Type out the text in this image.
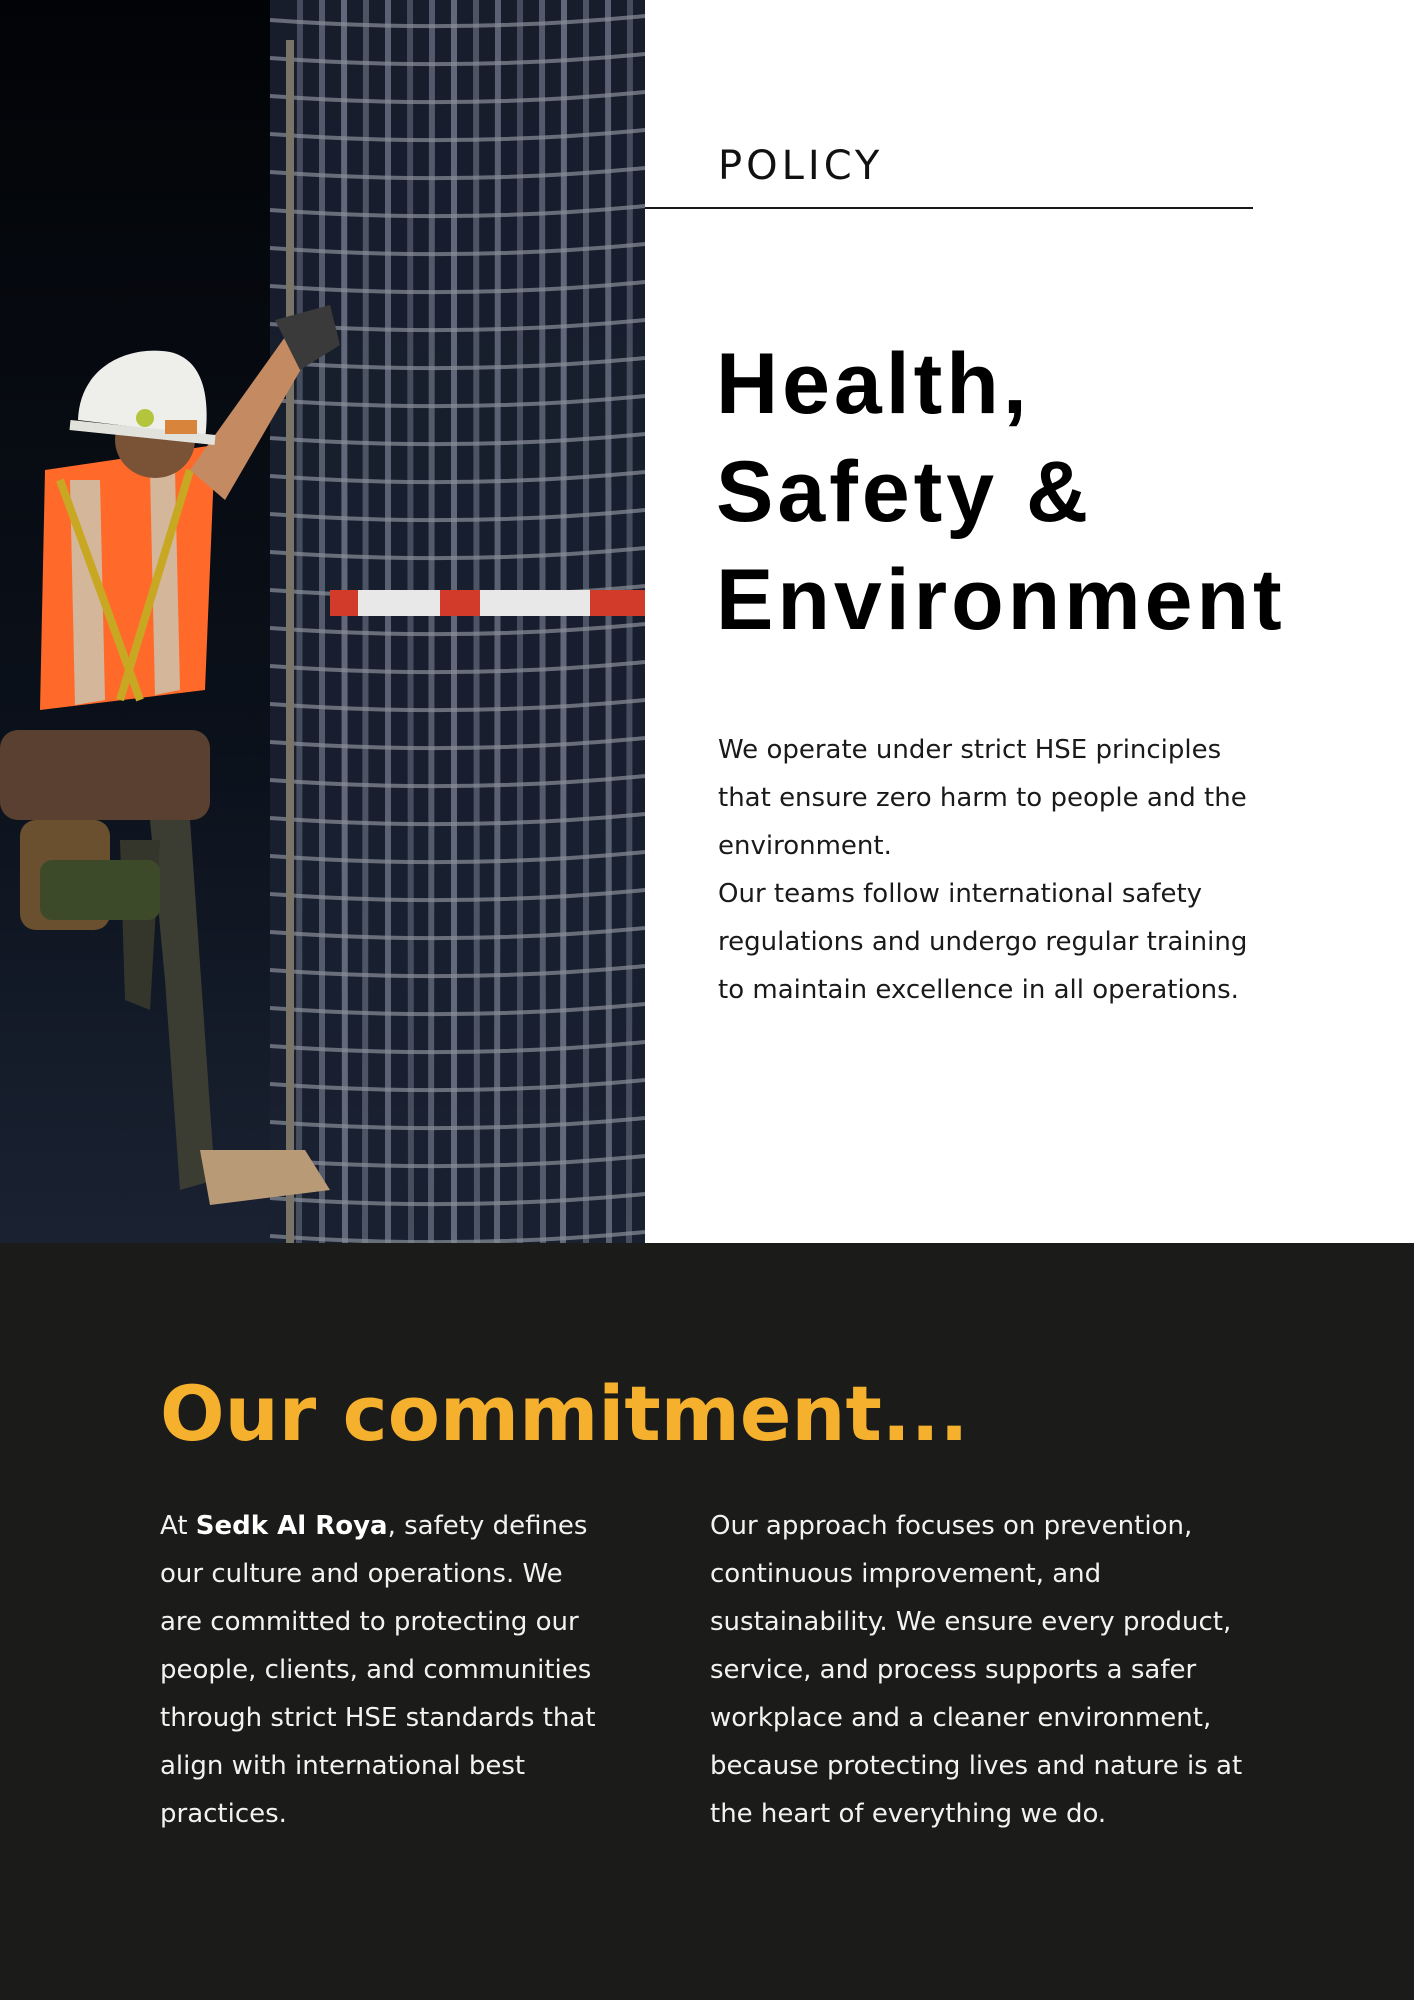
POLICY
Health,
Safety &
Environment

We operate under strict HSE principles that ensure zero harm to people and the environment.
Our teams follow international safety regulations and undergo regular training to maintain excellence in all operations.

Our commitment...

At Sedk Al Roya, safety defines our culture and operations. We are committed to protecting our people, clients, and communities through strict HSE standards that align with international best practices.

Our approach focuses on prevention, continuous improvement, and sustainability. We ensure every product, service, and process supports a safer workplace and a cleaner environment, because protecting lives and nature is at the heart of everything we do.
